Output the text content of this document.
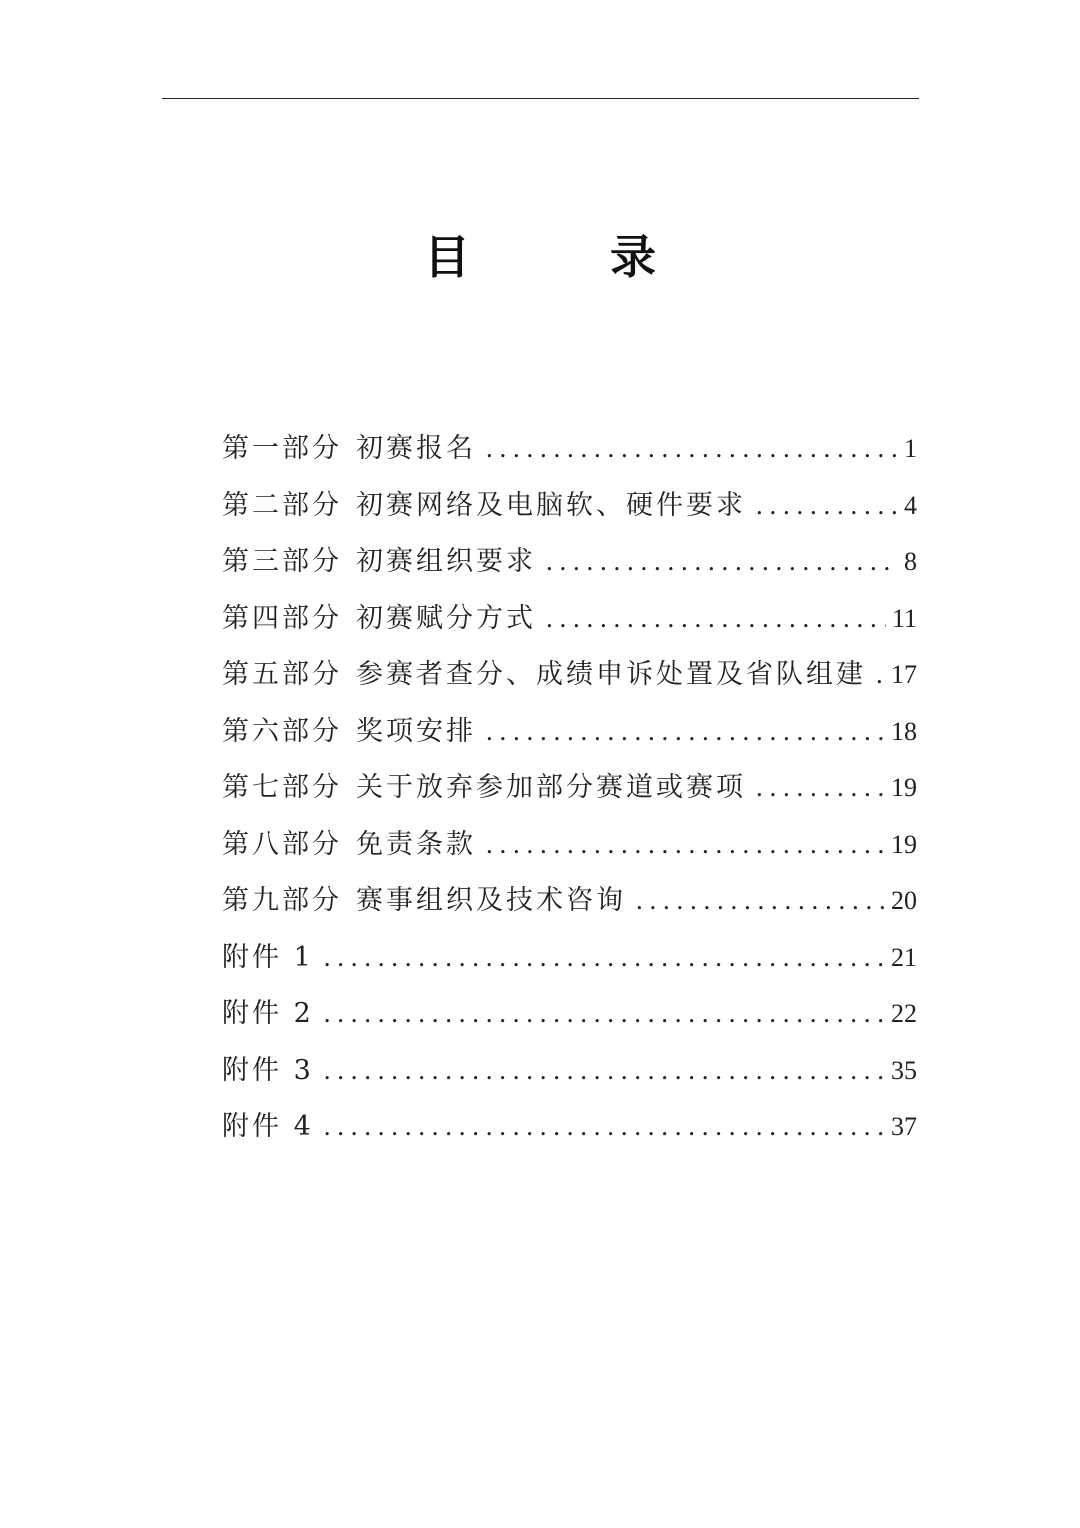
目 录
第一部分 初赛报名 . . .	1
第二部分 初赛网络及电脑软、硬件要求 . . .	4
第三部分 初赛组织要求 . . .	8
第四部分 初赛赋分方式 . . .	11
第五部分 参赛者查分、成绩申诉处置及省队组建 . . . 17
第六部分 奖项安排 . . .	18
第七部分 关于放弃参加部分赛道或赛项 . . .	19
第八部分 免责条款 . . .	19
第九部分 赛事组织及技术咨询 . . .	20
附件 1 . . .	21
附件 2 . . .	22
附件 3 . . .	35
附件 4 . . .	37
